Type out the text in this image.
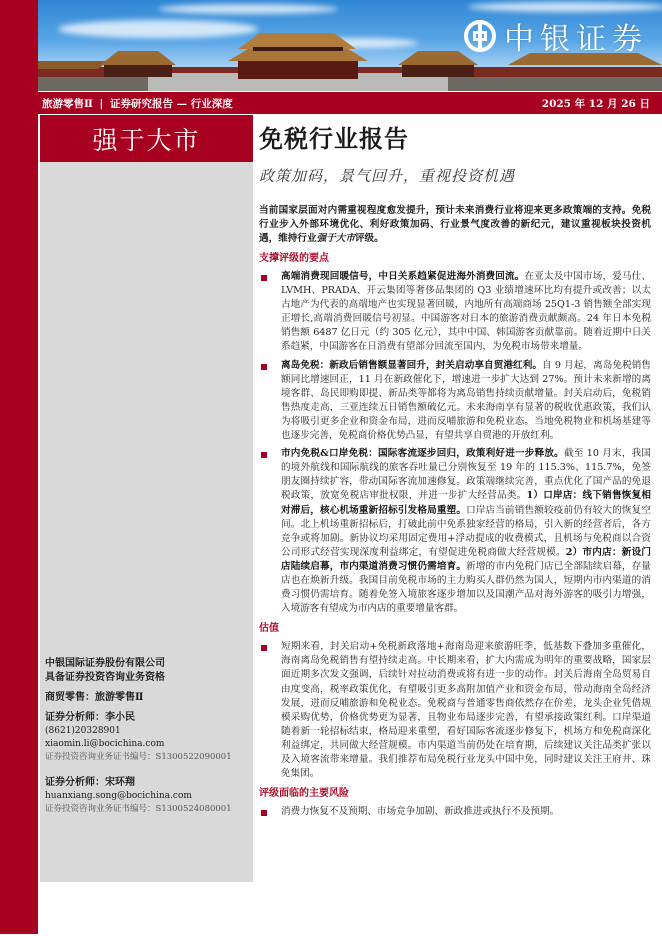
中银证券
旅游零售Ⅱ | 证券研究报告 — 行业深度	2025 年 12 月 26 日
强于大市
中银国际证券股份有限公司
具备证券投资咨询业务资格
商贸零售：旅游零售Ⅱ
证券分析师：李小民
(8621)20328901
xiaomin.li@bocichina.com
证券投资咨询业务证书编号：S1300522090001
证券分析师：宋环翔
huanxiang.song@bocichina.com
证券投资咨询业务证书编号：S1300524080001
免税行业报告
政策加码，景气回升，重视投资机遇
当前国家层面对内需重视程度愈发提升，预计未来消费行业将迎来更多政策端的支持。免税行业步入外部环境优化、利好政策加码、行业景气度改善的新纪元，建议重视板块投资机遇，维持行业强于大市评级。
支撑评级的要点
高端消费现回暖信号，中日关系趋紧促进海外消费回流。在亚太及中国市场，爱马仕、LVMH、PRADA、开云集团等奢侈品集团的 Q3 业绩增速环比均有提升或改善；以太古地产为代表的高端地产也实现显著回暖，内地所有高端商场 25Q1-3 销售额全部实现正增长,高端消费回暖信号初显。中国游客对日本的旅游消费贡献颇高。24 年日本免税销售额 6487 亿日元（约 305 亿元），其中中国、韩国游客贡献靠前。随着近期中日关系趋紧，中国游客在日消费有望部分回流至国内，为免税市场带来增量。
离岛免税：新政后销售额显著回升，封关启动享自贸港红利。自 9 月起，离岛免税销售额同比增速回正，11 月在新政催化下，增速进一步扩大达到 27%。预计未来新增的离境客群、岛民即购即提、新品类等都将为离岛销售持续贡献增量。封关启动后，免税销售热度走高，三亚连续五日销售额破亿元。未来海南享有显著的税收优惠政策，我们认为将吸引更多企业和资金布局，进而反哺旅游和免税业态。当地免税物业和机场基建等也逐步完善，免税商价格优势凸显，有望共享自贸港的开放红利。
市内免税&口岸免税：国际客流逐步回归，政策利好进一步释放。截至 10 月末，我国的境外航线和国际航线的旅客吞吐量已分别恢复至 19 年的 115.3%、115.7%，免签朋友圈持续扩容，带动国际客流加速修复。政策端继续完善，重点优化了国产品的免退税政策，放宽免税店审批权限，并进一步扩大经营品类。1）口岸店：线下销售恢复相对滞后，核心机场重新招标引发格局重塑。口岸店当前销售额较疫前仍有较大的恢复空间。北上机场重新招标后，打破此前中免系独家经营的格局，引入新的经营者后，各方竞争或将加剧。新协议均采用固定费用+浮动提成的收费模式，且机场与免税商以合资公司形式经营实现深度利益绑定，有望促进免税商做大经营规模。2）市内店：新设门店陆续启幕，市内渠道消费习惯仍需培育。新增的市内免税门店已全部陆续启幕，存量店也在焕新升级。我国目前免税市场的主力购买人群仍然为国人，短期内市内渠道的消费习惯仍需培育。随着免签入境旅客逐步增加以及国潮产品对海外游客的吸引力增强，入境游客有望成为市内店的重要增量客群。
估值
短期来看，封关启动+免税新政落地+海南岛迎来旅游旺季，低基数下叠加多重催化，海南离岛免税销售有望持续走高。中长期来看，扩大内需成为明年的重要战略，国家层面近期多次发文强调，后续针对拉动消费或将有进一步的动作。封关后海南全岛贸易自由度变高，税率政策优化，有望吸引更多高附加值产业和资金布局，带动海南全岛经济发展，进而反哺旅游和免税业态。免税商与普通零售商依然存在价差，龙头企业凭借规模采购优势，价格优势更为显著，且物业布局逐步完善，有望承接政策红利。口岸渠道随着新一轮招标结束，格局迎来重塑，看好国际客流逐步修复下，机场方和免税商深化利益绑定，共同做大经营规模。市内渠道当前仍处在培育期，后续建议关注品类扩张以及入境客流带来增量。我们推荐布局免税行业龙头中国中免，同时建议关注王府井、珠免集团。
评级面临的主要风险
消费力恢复不及预期、市场竞争加剧、新政推进或执行不及预期。
